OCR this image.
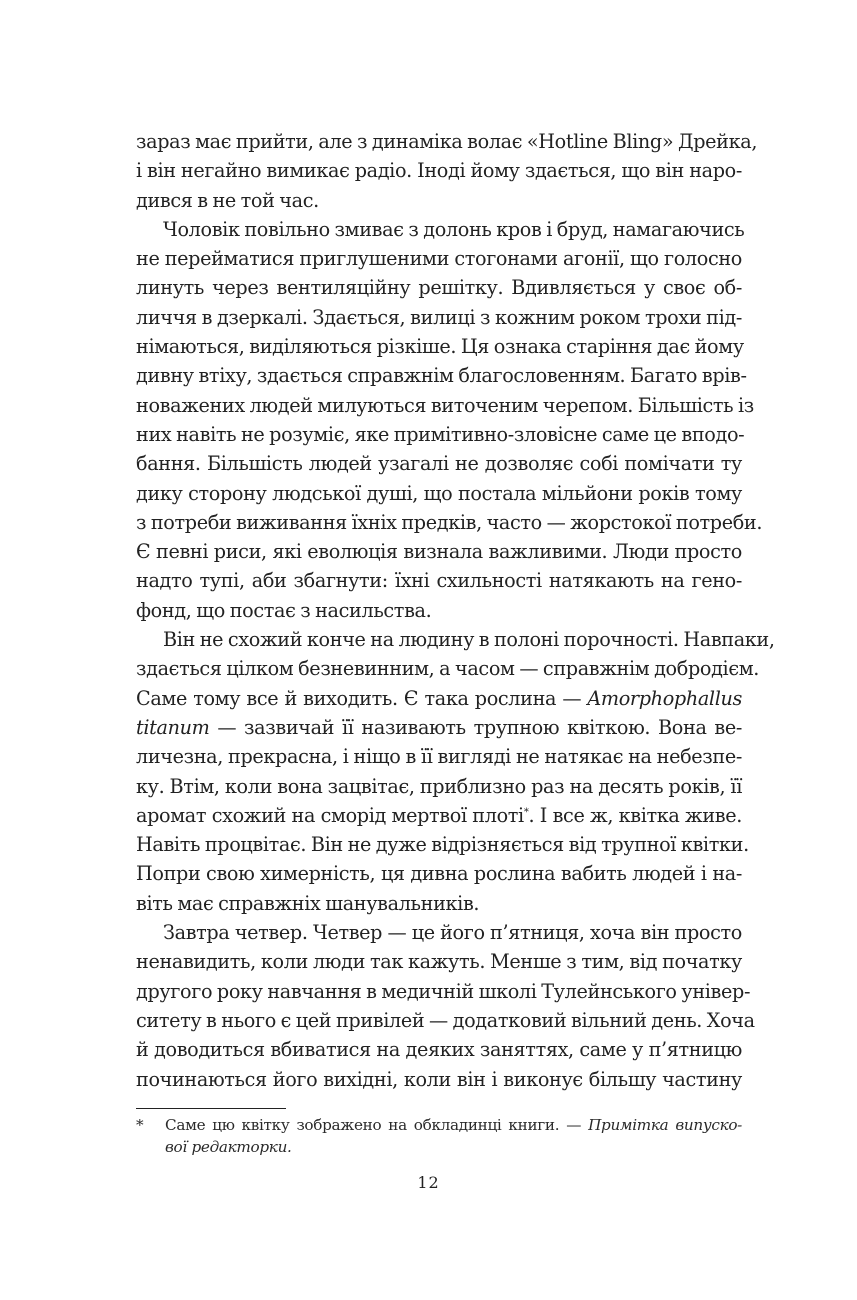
зараз має прийти, але з динаміка волає «Hotline Bling» Дрейка,
і він негайно вимикає радіо. Іноді йому здається, що він наро-
дився в не той час.
Чоловік повільно змиває з долонь кров і бруд, намагаючись
не перейматися приглушеними стогонами агонії, що голосно
линуть через вентиляційну решітку. Вдивляється у своє об-
личчя в дзеркалі. Здається, вилиці з кожним роком трохи під-
німаються, виділяються різкіше. Ця ознака старіння дає йому
дивну втіху, здається справжнім благословенням. Багато врів-
новажених людей милуються виточеним черепом. Більшість із
них навіть не розуміє, яке примітивно-зловісне саме це вподо-
бання. Більшість людей узагалі не дозволяє собі помічати ту
дику сторону людської душі, що постала мільйони років тому
з потреби виживання їхніх предків, часто — жорстокої потреби.
Є певні риси, які еволюція визнала важливими. Люди просто
надто тупі, аби збагнути: їхні схильності натякають на гено-
фонд, що постає з насильства.
Він не схожий конче на людину в полоні порочності. Навпаки,
здається цілком безневинним, а часом — справжнім добродієм.
Саме тому все й виходить. Є така рослина — Amorphophallus
titanum — зазвичай її називають трупною квіткою. Вона ве-
личезна, прекрасна, і ніщо в її вигляді не натякає на небезпе-
ку. Втім, коли вона зацвітає, приблизно раз на десять років, її
аромат схожий на сморід мертвої плоті*. І все ж, квітка живе.
Навіть процвітає. Він не дуже відрізняється від трупної квітки.
Попри свою химерність, ця дивна рослина вабить людей і на-
віть має справжніх шанувальників.
Завтра четвер. Четвер — це його п’ятниця, хоча він просто
ненавидить, коли люди так кажуть. Менше з тим, від початку
другого року навчання в медичній школі Тулейнського універ-
ситету в нього є цей привілей — додатковий вільний день. Хоча
й доводиться вбиватися на деяких заняттях, саме у п’ятницю
починаються його вихідні, коли він і виконує більшу частину
* Саме цю квітку зображено на обкладинці книги. — Примітка випуско-
вої редакторки.
12
